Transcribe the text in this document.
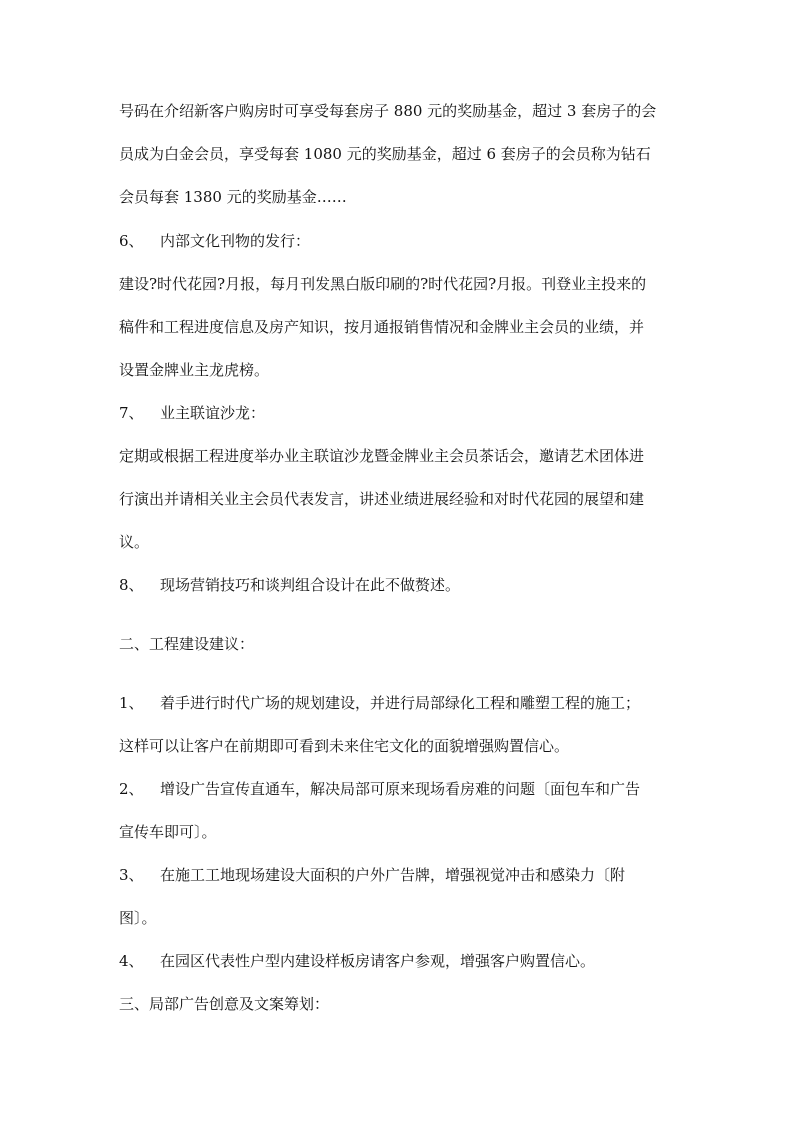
号码在介绍新客户购房时可享受每套房子 880 元的奖励基金，超过 3 套房子的会
员成为白金会员，享受每套 1080 元的奖励基金，超过 6 套房子的会员称为钻石
会员每套 1380 元的奖励基金……
6、	内部文化刊物的发行：
建设?时代花园?月报，每月刊发黑白版印刷的?时代花园?月报。刊登业主投来的
稿件和工程进度信息及房产知识，按月通报销售情况和金牌业主会员的业绩，并
设置金牌业主龙虎榜。
7、	业主联谊沙龙：
定期或根据工程进度举办业主联谊沙龙暨金牌业主会员茶话会，邀请艺术团体进
行演出并请相关业主会员代表发言，讲述业绩进展经验和对时代花园的展望和建
议。
8、	现场营销技巧和谈判组合设计在此不做赘述。
二、工程建设建议：
1、	着手进行时代广场的规划建设，并进行局部绿化工程和雕塑工程的施工；
这样可以让客户在前期即可看到未来住宅文化的面貌增强购置信心。
2、	增设广告宣传直通车，解决局部可原来现场看房难的问题〔面包车和广告
宣传车即可〕。
3、	在施工工地现场建设大面积的户外广告牌，增强视觉冲击和感染力〔附
图〕。
4、	在园区代表性户型内建设样板房请客户参观，增强客户购置信心。
三、局部广告创意及文案筹划：
